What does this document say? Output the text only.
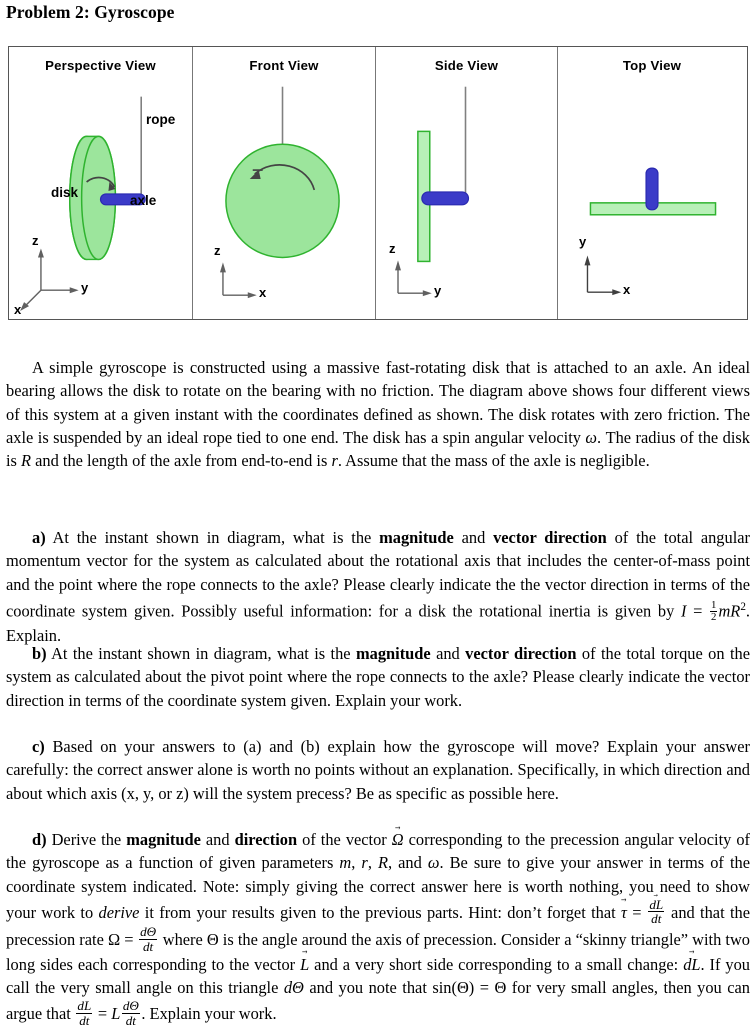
Problem 2: Gyroscope
Perspective View
disk
rope
axle
z
y
x
Front View
z
x
Side View
z
y
Top View
y
x

A simple gyroscope is constructed using a massive fast-rotating disk that is attached to an axle. An ideal bearing allows the disk to rotate on the bearing with no friction. The diagram above shows four different views of this system at a given instant with the coordinates defined as shown. The disk rotates with zero friction. The axle is suspended by an ideal rope tied to one end. The disk has a spin angular velocity ω. The radius of the disk is R and the length of the axle from end-to-end is r. Assume that the mass of the axle is negligible.

a) At the instant shown in diagram, what is the magnitude and vector direction of the total angular momentum vector for the system as calculated about the rotational axis that includes the center-of-mass point and the point where the rope connects to the axle? Please clearly indicate the the vector direction in terms of the coordinate system given. Possibly useful information: for a disk the rotational inertia is given by $I = \frac{1}{2} mR^2$. Explain.

b) At the instant shown in diagram, what is the magnitude and vector direction of the total torque on the system as calculated about the pivot point where the rope connects to the axle? Please clearly indicate the vector direction in terms of the coordinate system given. Explain your work.

c) Based on your answers to (a) and (b) explain how the gyroscope will move? Explain your answer carefully: the correct answer alone is worth no points without an explanation. Specifically, in which direction and about which axis (x, y, or z) will the system precess? Be as specific as possible here.

d) Derive the magnitude and direction of the vector Ω → corresponding to the precession angular velocity of the gyroscope as a function of given parameters m, r, R, and ω. Be sure to give your answer in terms of the coordinate system indicated. Note: simply giving the correct answer here is worth nothing, you need to show your work to derive it from your results given to the previous parts. Hint: don’t forget that τ → = $\frac{dL \to}{dt}$ and that the precession rate $\Omega = \frac{d\Theta}{dt}$ where Θ is the angle around the axis of precession. Consider a “skinny triangle” with two long sides each corresponding to the vector L → and a very short side corresponding to a small change: dL →. If you call the very small angle on this triangle dΘ and you note that sin(Θ) = Θ for very small angles, then you can argue that $\frac{dL}{dt} = L \frac{d\Theta}{dt}$ . Explain your work.
